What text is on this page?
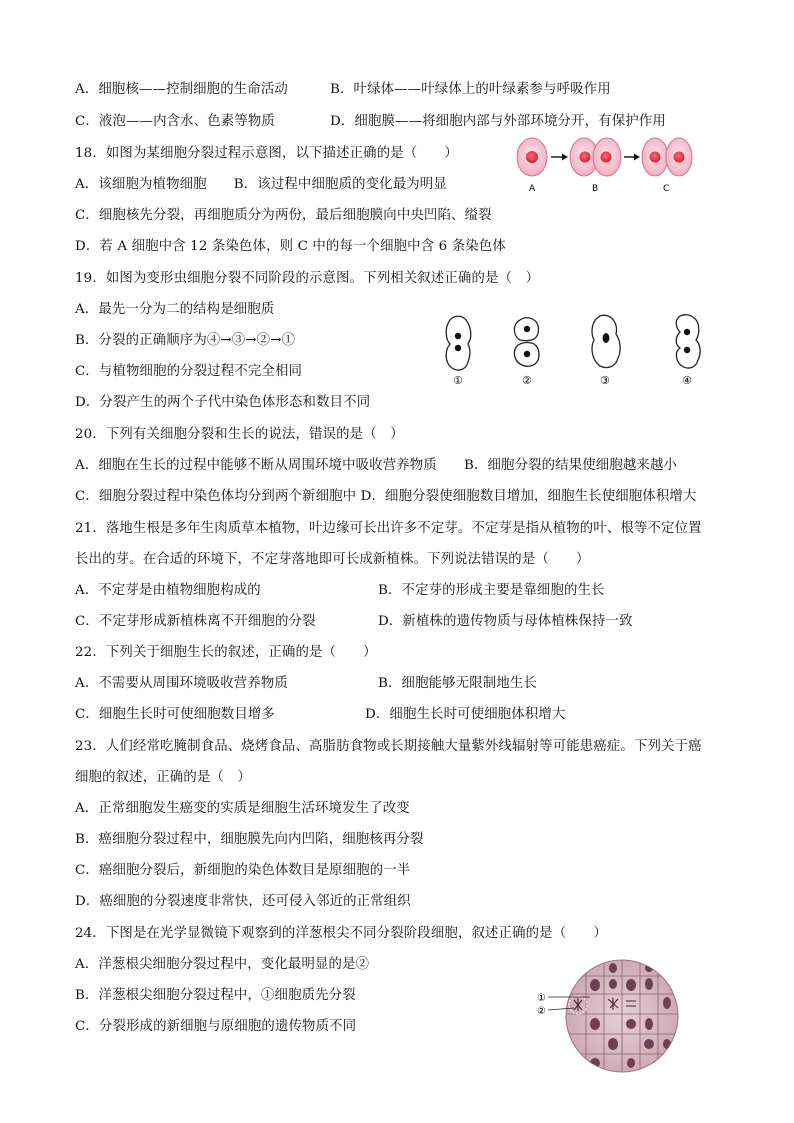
A．细胞核——控制细胞的生命活动	B．叶绿体——叶绿体上的叶绿素参与呼吸作用
C．液泡——内含水、色素等物质	D．细胞膜——将细胞内部与外部环境分开，有保护作用
18．如图为某细胞分裂过程示意图，以下描述正确的是（　　）
A．该细胞为植物细胞　　B．该过程中细胞质的变化最为明显
C．细胞核先分裂，再细胞质分为两份，最后细胞膜向中央凹陷、缢裂
D．若 A 细胞中含 12 条染色体，则 C 中的每一个细胞中含 6 条染色体
A	B	C
19．如图为变形虫细胞分裂不同阶段的示意图。下列相关叙述正确的是（　）
A．最先一分为二的结构是细胞质
B．分裂的正确顺序为④→③→②→①
C．与植物细胞的分裂过程不完全相同
D．分裂产生的两个子代中染色体形态和数目不同
①	②	③	④
20．下列有关细胞分裂和生长的说法，错误的是（　）
A．细胞在生长的过程中能够不断从周围环境中吸收营养物质　　B．细胞分裂的结果使细胞越来越小
C．细胞分裂过程中染色体均分到两个新细胞中 D．细胞分裂使细胞数目增加，细胞生长使细胞体积增大
21．落地生根是多年生肉质草本植物，叶边缘可长出许多不定芽。不定芽是指从植物的叶、根等不定位置
长出的芽。在合适的环境下，不定芽落地即可长成新植株。下列说法错误的是（　　）
A．不定芽是由植物细胞构成的	B．不定芽的形成主要是靠细胞的生长
C．不定芽形成新植株离不开细胞的分裂	D．新植株的遗传物质与母体植株保持一致
22．下列关于细胞生长的叙述，正确的是（　　）
A．不需要从周围环境吸收营养物质	B．细胞能够无限制地生长
C．细胞生长时可使细胞数目增多	D．细胞生长时可使细胞体积增大
23．人们经常吃腌制食品、烧烤食品、高脂肪食物或长期接触大量紫外线辐射等可能患癌症。下列关于癌
细胞的叙述，正确的是（　）
A．正常细胞发生癌变的实质是细胞生活环境发生了改变
B．癌细胞分裂过程中，细胞膜先向内凹陷，细胞核再分裂
C．癌细胞分裂后，新细胞的染色体数目是原细胞的一半
D．癌细胞的分裂速度非常快，还可侵入邻近的正常组织
24．下图是在光学显微镜下观察到的洋葱根尖不同分裂阶段细胞，叙述正确的是（　　）
A．洋葱根尖细胞分裂过程中，变化最明显的是②
B．洋葱根尖细胞分裂过程中，①细胞质先分裂
C．分裂形成的新细胞与原细胞的遗传物质不同
①
②
